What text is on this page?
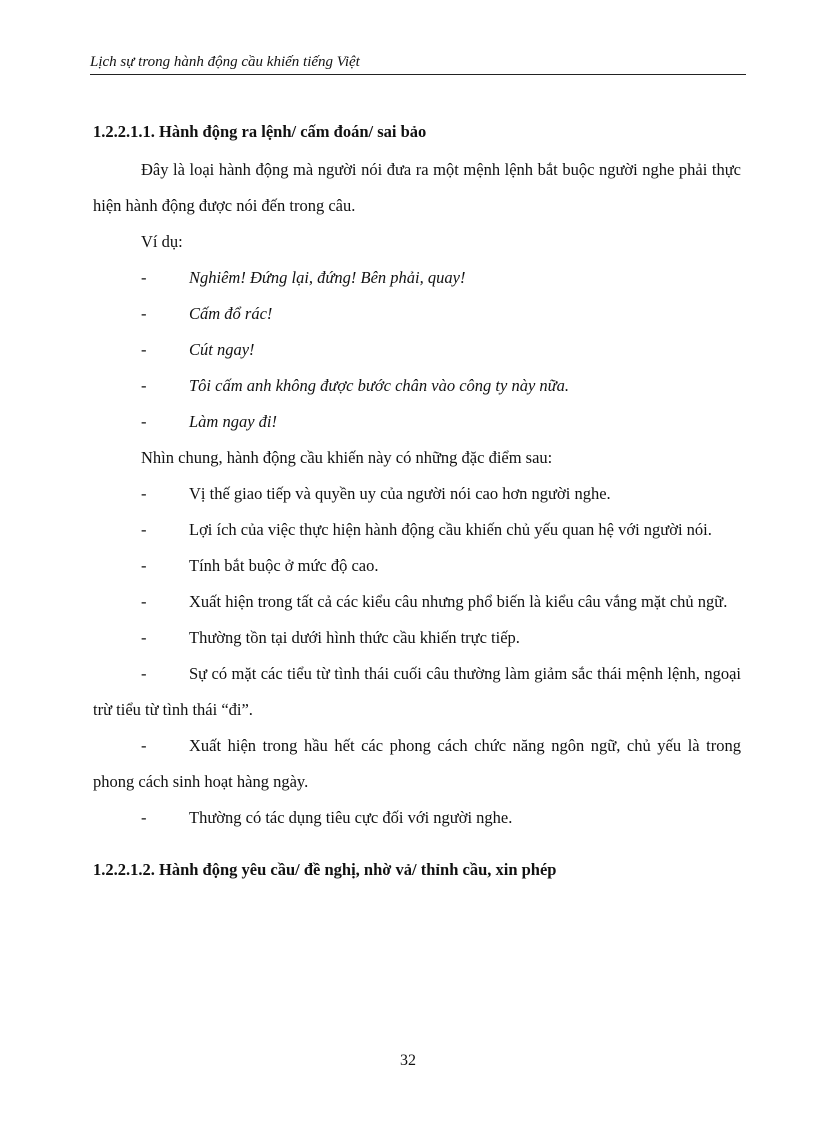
Lịch sự trong hành động cầu khiến tiếng Việt

1.2.2.1.1. Hành động ra lệnh/ cấm đoán/ sai bảo

Đây là loại hành động mà người nói đưa ra một mệnh lệnh bắt buộc người nghe phải thực hiện hành động được nói đến trong câu.

Ví dụ:

-	Nghiêm! Đứng lại, đứng! Bên phải, quay!

-	Cấm đổ rác!

-	Cút ngay!

-	Tôi cấm anh không được bước chân vào công ty này nữa.

-	Làm ngay đi!

Nhìn chung, hành động cầu khiến này có những đặc điểm sau:

-	Vị thế giao tiếp và quyền uy của người nói cao hơn người nghe.

-	Lợi ích của việc thực hiện hành động cầu khiến chủ yếu quan hệ với người nói.

-	Tính bắt buộc ở mức độ cao.

-	Xuất hiện trong tất cả các kiểu câu nhưng phổ biến là kiểu câu vắng mặt chủ ngữ.

-	Thường tồn tại dưới hình thức cầu khiến trực tiếp.

-	Sự có mặt các tiểu từ tình thái cuối câu thường làm giảm sắc thái mệnh lệnh, ngoại trừ tiểu từ tình thái “đi”.

-	Xuất hiện trong hầu hết các phong cách chức năng ngôn ngữ, chủ yếu là trong phong cách sinh hoạt hàng ngày.

-	Thường có tác dụng tiêu cực đối với người nghe.

1.2.2.1.2. Hành động yêu cầu/ đề nghị, nhờ vả/ thỉnh cầu, xin phép

32
